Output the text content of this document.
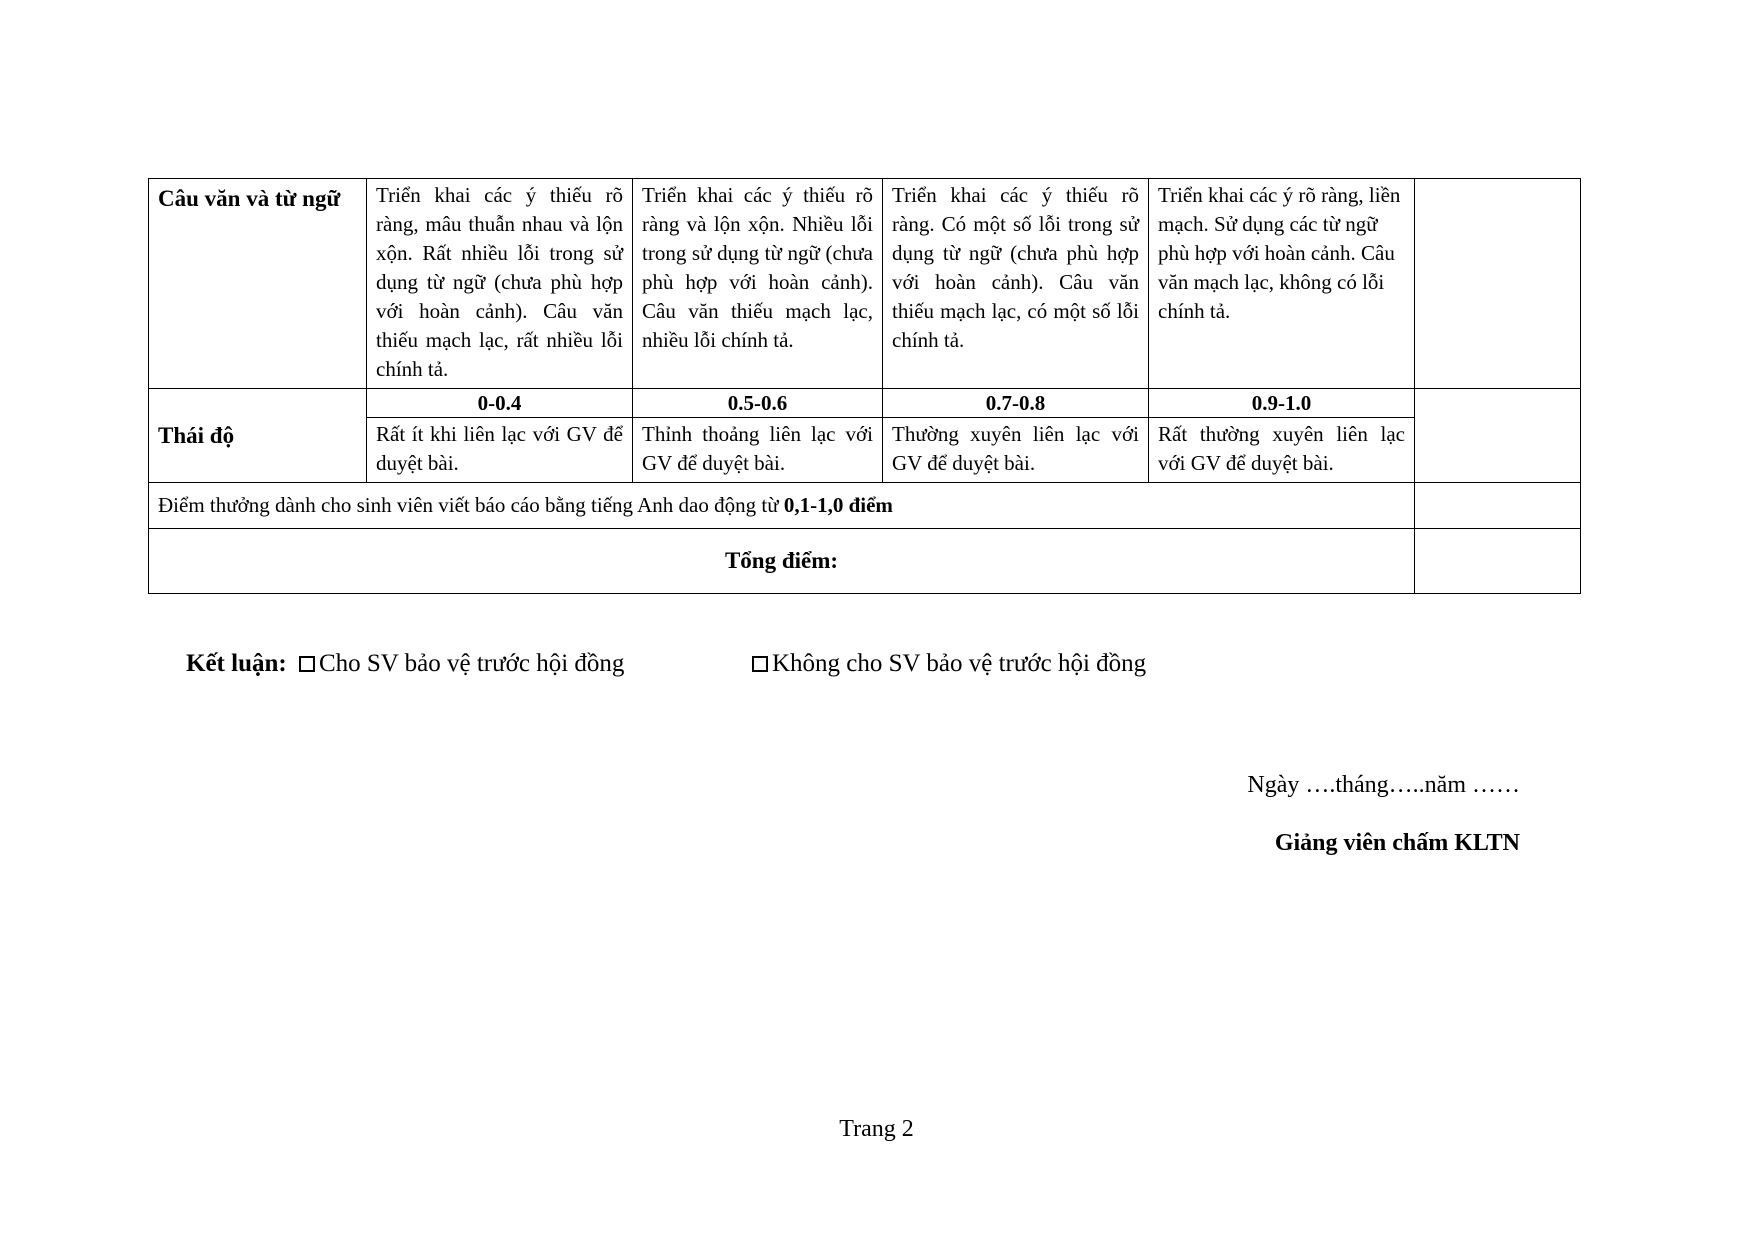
Câu văn và từ ngữ	Triển khai các ý thiếu rõ ràng, mâu thuẫn nhau và lộn xộn. Rất nhiều lỗi trong sử dụng từ ngữ (chưa phù hợp với hoàn cảnh). Câu văn thiếu mạch lạc, rất nhiều lỗi chính tả.	Triển khai các ý thiếu rõ ràng và lộn xộn. Nhiều lỗi trong sử dụng từ ngữ (chưa phù hợp với hoàn cảnh). Câu văn thiếu mạch lạc, nhiều lỗi chính tả.	Triển khai các ý thiếu rõ ràng. Có một số lỗi trong sử dụng từ ngữ (chưa phù hợp với hoàn cảnh). Câu văn thiếu mạch lạc, có một số lỗi chính tả.	Triển khai các ý rõ ràng, liền mạch. Sử dụng các từ ngữ phù hợp với hoàn cảnh. Câu văn mạch lạc, không có lỗi chính tả.	
Thái độ	0-0.4	0.5-0.6	0.7-0.8	0.9-1.0	
	Rất ít khi liên lạc với GV để duyệt bài.	Thỉnh thoảng liên lạc với GV để duyệt bài.	Thường xuyên liên lạc với GV để duyệt bài.	Rất thường xuyên liên lạc với GV để duyệt bài.	
Điểm thưởng dành cho sinh viên viết báo cáo bằng tiếng Anh dao động từ 0,1-1,0 điểm					
Tổng điểm:					
Kết luận: Cho SV bảo vệ trước hội đồng	Không cho SV bảo vệ trước hội đồng
Ngày ….tháng…..năm ……
Giảng viên chấm KLTN
Trang 2
